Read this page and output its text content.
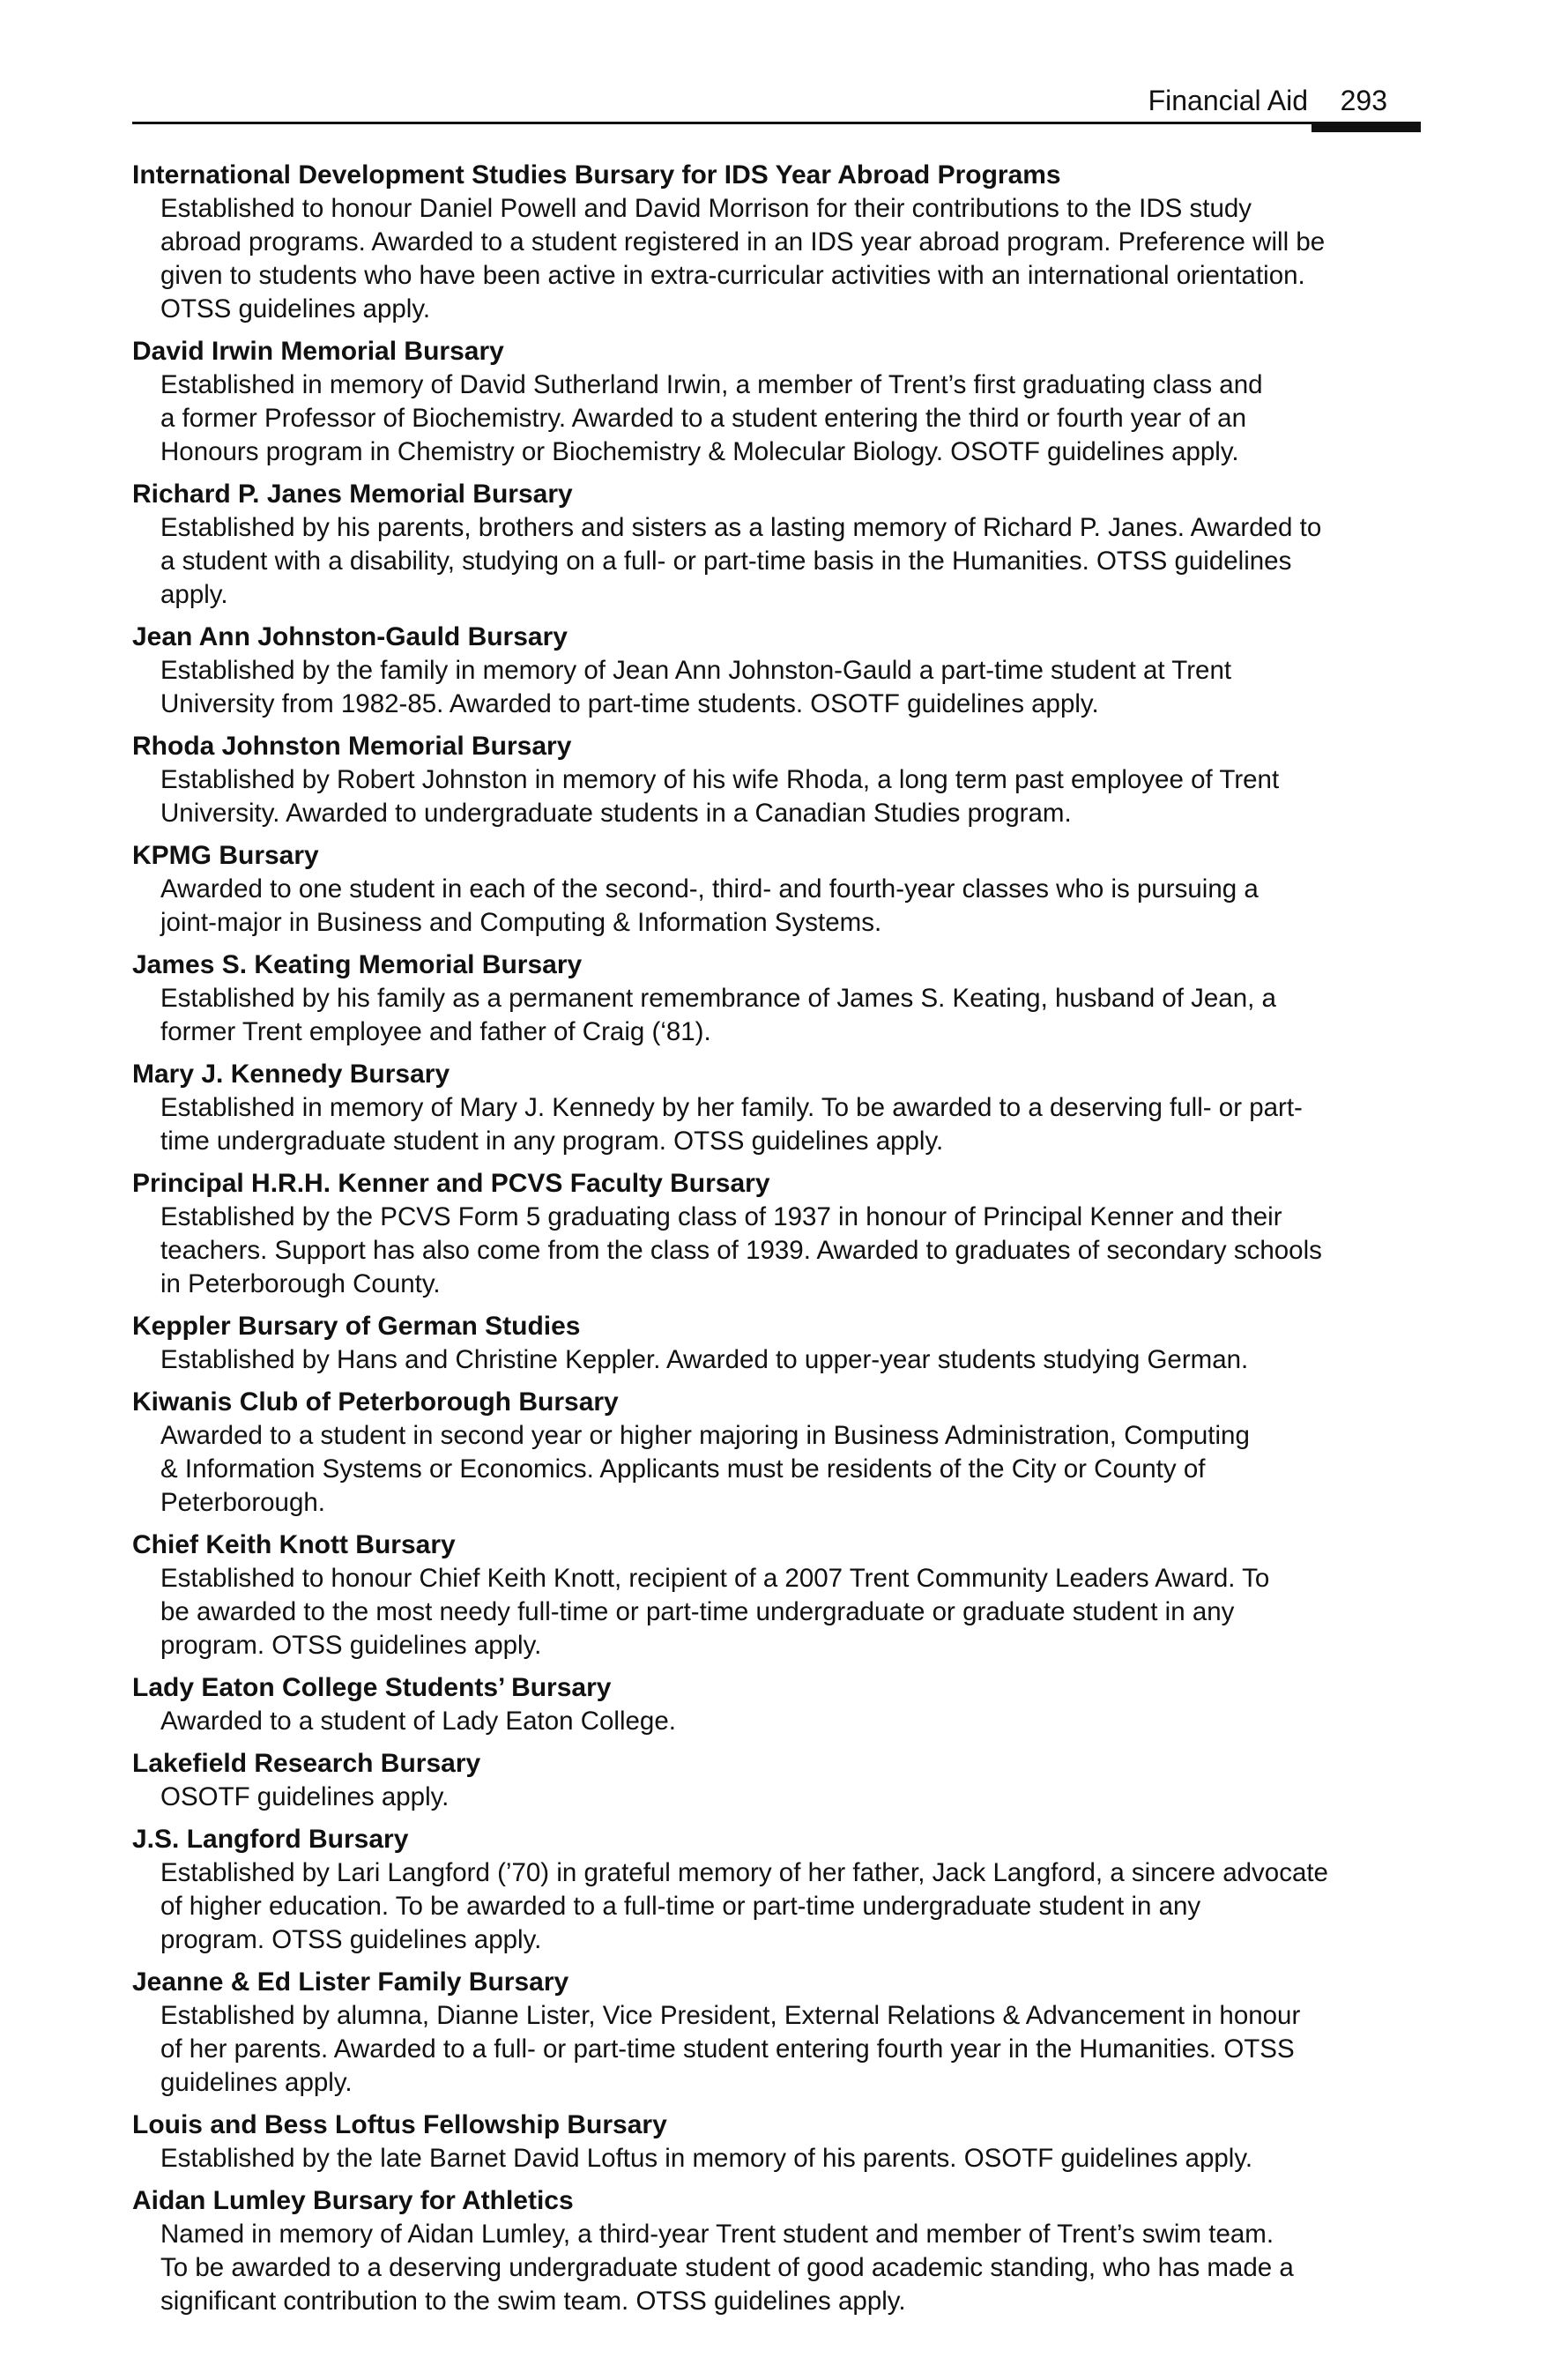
Financial Aid 293
International Development Studies Bursary for IDS Year Abroad Programs
Established to honour Daniel Powell and David Morrison for their contributions to the IDS study
abroad programs. Awarded to a student registered in an IDS year abroad program. Preference will be
given to students who have been active in extra-curricular activities with an international orientation.
OTSS guidelines apply.
David Irwin Memorial Bursary
Established in memory of David Sutherland Irwin, a member of Trent’s first graduating class and
a former Professor of Biochemistry. Awarded to a student entering the third or fourth year of an
Honours program in Chemistry or Biochemistry & Molecular Biology. OSOTF guidelines apply.
Richard P. Janes Memorial Bursary
Established by his parents, brothers and sisters as a lasting memory of Richard P. Janes. Awarded to
a student with a disability, studying on a full- or part-time basis in the Humanities. OTSS guidelines
apply.
Jean Ann Johnston-Gauld Bursary
Established by the family in memory of Jean Ann Johnston-Gauld a part-time student at Trent
University from 1982-85. Awarded to part-time students. OSOTF guidelines apply.
Rhoda Johnston Memorial Bursary
Established by Robert Johnston in memory of his wife Rhoda, a long term past employee of Trent
University. Awarded to undergraduate students in a Canadian Studies program.
KPMG Bursary
Awarded to one student in each of the second-, third- and fourth-year classes who is pursuing a
joint-major in Business and Computing & Information Systems.
James S. Keating Memorial Bursary
Established by his family as a permanent remembrance of James S. Keating, husband of Jean, a
former Trent employee and father of Craig (‘81).
Mary J. Kennedy Bursary
Established in memory of Mary J. Kennedy by her family. To be awarded to a deserving full- or part-
time undergraduate student in any program. OTSS guidelines apply.
Principal H.R.H. Kenner and PCVS Faculty Bursary
Established by the PCVS Form 5 graduating class of 1937 in honour of Principal Kenner and their
teachers. Support has also come from the class of 1939. Awarded to graduates of secondary schools
in Peterborough County.
Keppler Bursary of German Studies
Established by Hans and Christine Keppler. Awarded to upper-year students studying German.
Kiwanis Club of Peterborough Bursary
Awarded to a student in second year or higher majoring in Business Administration, Computing
& Information Systems or Economics. Applicants must be residents of the City or County of
Peterborough.
Chief Keith Knott Bursary
Established to honour Chief Keith Knott, recipient of a 2007 Trent Community Leaders Award. To
be awarded to the most needy full-time or part-time undergraduate or graduate student in any
program. OTSS guidelines apply.
Lady Eaton College Students’ Bursary
Awarded to a student of Lady Eaton College.
Lakefield Research Bursary
OSOTF guidelines apply.
J.S. Langford Bursary
Established by Lari Langford (’70) in grateful memory of her father, Jack Langford, a sincere advocate
of higher education. To be awarded to a full-time or part-time undergraduate student in any
program. OTSS guidelines apply.
Jeanne & Ed Lister Family Bursary
Established by alumna, Dianne Lister, Vice President, External Relations & Advancement in honour
of her parents. Awarded to a full- or part-time student entering fourth year in the Humanities. OTSS
guidelines apply.
Louis and Bess Loftus Fellowship Bursary
Established by the late Barnet David Loftus in memory of his parents. OSOTF guidelines apply.
Aidan Lumley Bursary for Athletics
Named in memory of Aidan Lumley, a third-year Trent student and member of Trent’s swim team.
To be awarded to a deserving undergraduate student of good academic standing, who has made a
significant contribution to the swim team. OTSS guidelines apply.
